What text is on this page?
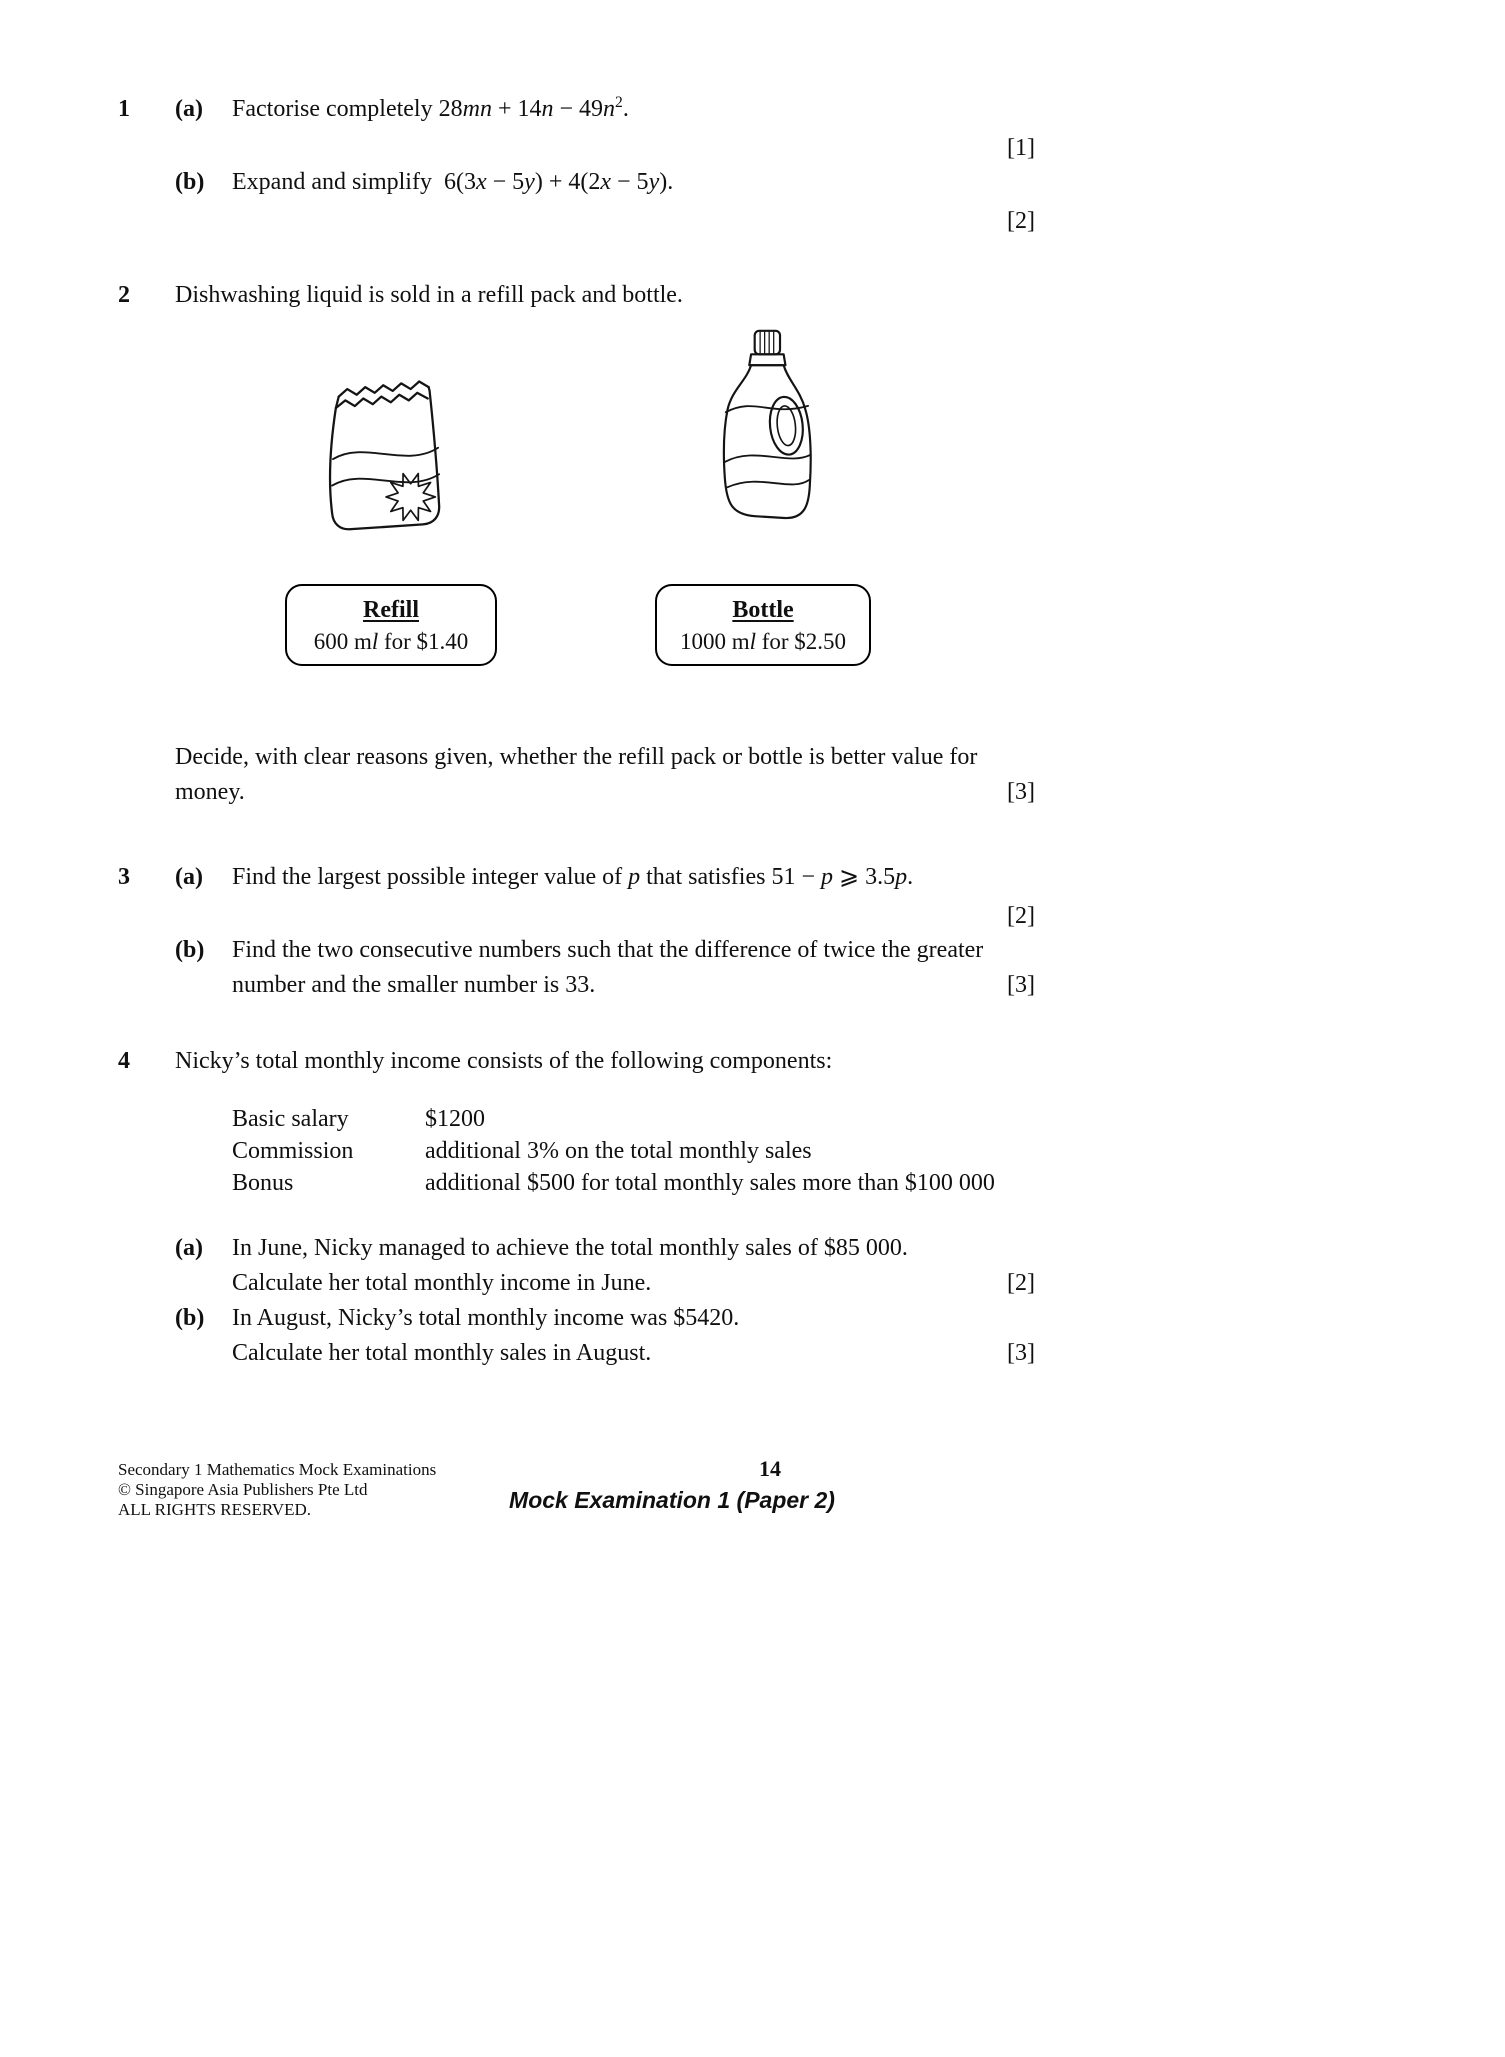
1	(a)	Factorise completely $28mn + 14n - 49n^2$.
[1]
(b)	Expand and simplify 6(3x − 5y) + 4(2x − 5y).
[2]
2	Dishwashing liquid is sold in a refill pack and bottle.
Refill
600 ml for $1.40
Bottle
1000 ml for $2.50
Decide, with clear reasons given, whether the refill pack or bottle is better value for
money.	[3]
3	(a)	Find the largest possible integer value of p that satisfies 51 − p ⩾ 3.5p.
[2]
(b)	Find the two consecutive numbers such that the difference of twice the greater
number and the smaller number is 33.	[3]
4	Nicky’s total monthly income consists of the following components:
Basic salary	$1200
Commission	additional 3% on the total monthly sales
Bonus	additional $500 for total monthly sales more than $100 000
(a)	In June, Nicky managed to achieve the total monthly sales of $85 000.
Calculate her total monthly income in June.	[2]
(b)	In August, Nicky’s total monthly income was $5420.
Calculate her total monthly sales in August.	[3]
Secondary 1 Mathematics Mock Examinations
© Singapore Asia Publishers Pte Ltd
ALL RIGHTS RESERVED.
14
Mock Examination 1 (Paper 2)
